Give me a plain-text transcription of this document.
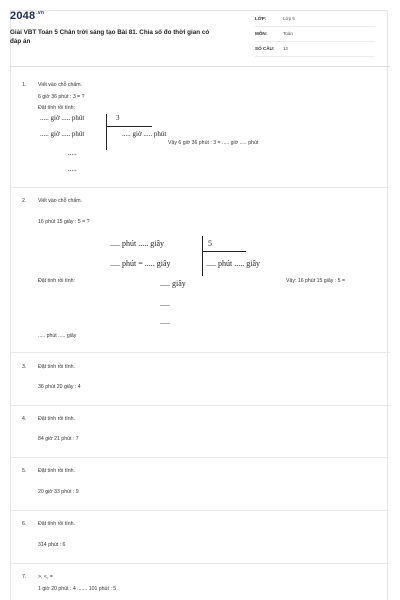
$2048^{.vn}$
Giải VBT Toán 5 Chân trời sáng tạo Bài 81. Chia số đo thời gian có đáp án
LỚP:	Lớp 5
MÔN:	Toán
SỐ CÂU: 12
1. Viết vào chỗ chấm.
6 giờ 36 phút : 3 = ?
Đặt tính rồi tính:
..... giờ ..... phút	3
..... giờ ..... phút	..... giờ ..... phút
Vậy 6 giờ 36 phút : 3 = ..... giờ ..... phút
.....
.....
2. Viết vào chỗ chấm.
16 phút 15 giây : 5 = ?
..... phút ..... giây	5
..... phút = ..... giây	..... phút ..... giây
Đặt tính rồi tính:	Vậy: 16 phút 15 giây : 5 =
..... giây
.....
.....
..... phút ..... giây
3. Đặt tính rồi tính.
36 phút 20 giây : 4
4. Đặt tính rồi tính.
84 giờ 21 phút : 7
5. Đặt tính rồi tính.
20 giờ 33 phút : 9
6. Đặt tính rồi tính.
314 phút : 6
7. >, <, =
1 giờ 20 phút : 4 ....... 101 phút : 5
